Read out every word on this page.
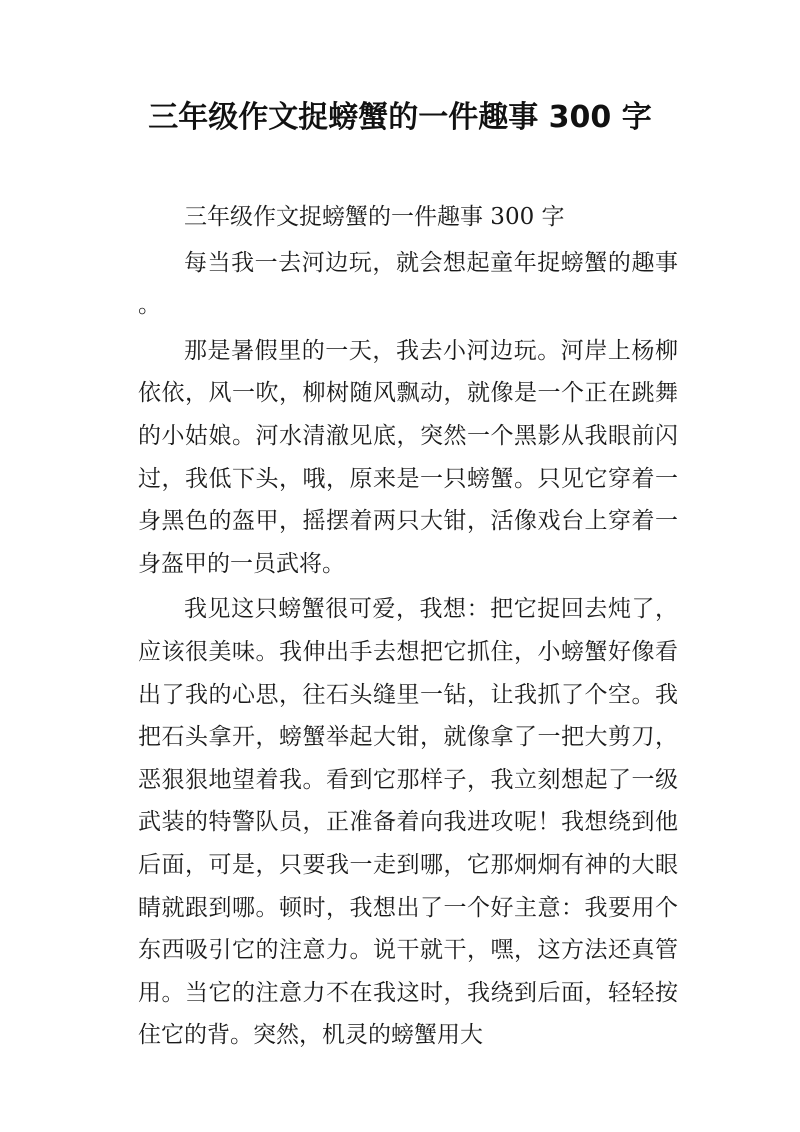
三年级作文捉螃蟹的一件趣事 300 字

三年级作文捉螃蟹的一件趣事 300 字

每当我一去河边玩，就会想起童年捉螃蟹的趣事。

那是暑假里的一天，我去小河边玩。河岸上杨柳依依，风一吹，柳树随风飘动，就像是一个正在跳舞的小姑娘。河水清澈见底，突然一个黑影从我眼前闪过，我低下头，哦，原来是一只螃蟹。只见它穿着一身黑色的盔甲，摇摆着两只大钳，活像戏台上穿着一身盔甲的一员武将。

我见这只螃蟹很可爱，我想：把它捉回去炖了，应该很美味。我伸出手去想把它抓住，小螃蟹好像看出了我的心思，往石头缝里一钻，让我抓了个空。我把石头拿开，螃蟹举起大钳，就像拿了一把大剪刀，恶狠狠地望着我。看到它那样子，我立刻想起了一级武装的特警队员，正准备着向我进攻呢！我想绕到他后面，可是，只要我一走到哪，它那炯炯有神的大眼睛就跟到哪。顿时，我想出了一个好主意：我要用个东西吸引它的注意力。说干就干，嘿，这方法还真管用。当它的注意力不在我这时，我绕到后面，轻轻按住它的背。突然，机灵的螃蟹用大
